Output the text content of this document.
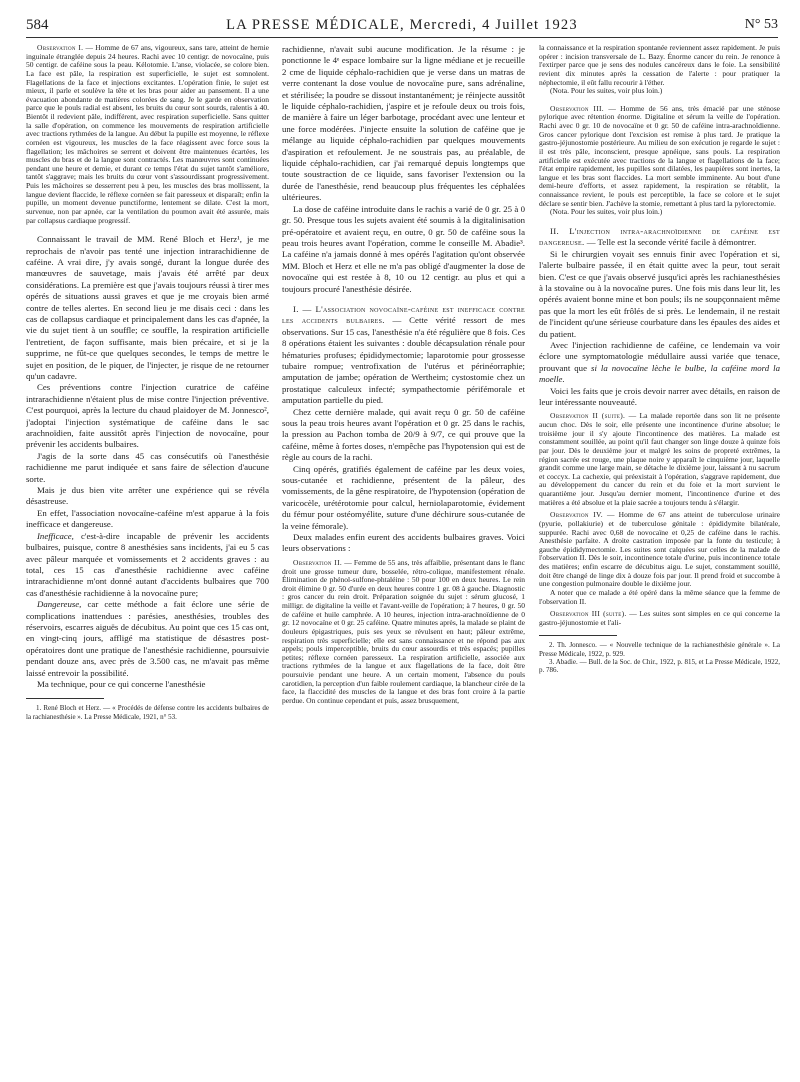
584	LA PRESSE MÉDICALE, Mercredi, 4 Juillet 1923	N° 53

Observation I. — Homme de 67 ans, vigoureux, sans tare, atteint de hernie inguinale étranglée depuis 24 heures. Rachi avec 10 centigr. de novocaïne, puis 50 centigr. de caféine sous la peau. Kélotomie. L'anse, violacée, se colore bien. La face est pâle, la respiration est superficielle, le sujet est somnolent. Flagellations de la face et injections excitantes. L'opération finie, le sujet est mieux, il parle et soulève la tête et les bras pour aider au pansement. Il a une évacuation abondante de matières colorées de sang. Je le garde en observation parce que le pouls radial est absent, les bruits du cœur sont sourds, ralentis à 40. Bientôt il redevient pâle, indifférent, avec respiration superficielle. Sans quitter la salle d'opération, on commence les mouvements de respiration artificielle avec tractions rythmées de la langue. Au début la pupille est moyenne, le réflexe cornéen est vigoureux, les muscles de la face réagissent avec force sous la flagellation; les mâchoires se serrent et doivent être maintenues écartées, les muscles du bras et de la langue sont contractés. Les manœuvres sont continuées pendant une heure et demie, et durant ce temps l'état du sujet tantôt s'améliore, tantôt s'aggrave; mais les bruits du cœur vont s'assourdissant progressivement. Puis les mâchoires se desserrent peu à peu, les muscles des bras mollissent, la langue devient flaccide, le réflexe cornéen se fait paresseux et disparaît; enfin la pupille, un moment devenue punctiforme, lentement se dilate. C'est la mort, survenue, non par apnée, car la ventilation du poumon avait été assurée, mais par collapsus cardiaque progressif.

Connaissant le travail de MM. René Bloch et Herz¹, je me reprochais de n'avoir pas tenté une injection intrarachidienne de caféine. A vrai dire, j'y avais songé, durant la longue durée des manœuvres de sauvetage, mais j'avais été arrêté par deux considérations. La première est que j'avais toujours réussi à tirer mes opérés de situations aussi graves et que je me croyais bien armé contre de telles alertes. En second lieu je me disais ceci : dans les cas de collapsus cardiaque et principalement dans les cas d'apnée, la vie du sujet tient à un souffle; ce souffle, la respiration artificielle l'entretient, de façon suffisante, mais bien précaire, et si je la supprime, ne fût-ce que quelques secondes, le temps de mettre le sujet en position, de le piquer, de l'injecter, je risque de ne retourner qu'un cadavre.

Ces préventions contre l'injection curatrice de caféine intrarachidienne n'étaient plus de mise contre l'injection préventive. C'est pourquoi, après la lecture du chaud plaidoyer de M. Jonnesco², j'adoptai l'injection systématique de caféine dans le sac arachnoïdien, faite aussitôt après l'injection de novocaïne, pour prévenir les accidents bulbaires.

J'agis de la sorte dans 45 cas consécutifs où l'anesthésie rachidienne me parut indiquée et sans faire de sélection d'aucune sorte.

Mais je dus bien vite arrêter une expérience qui se révéla désastreuse.

En effet, l'association novocaïne-caféine m'est apparue à la fois inefficace et dangereuse.

Inefficace, c'est-à-dire incapable de prévenir les accidents bulbaires, puisque, contre 8 anesthésies sans incidents, j'ai eu 5 cas avec pâleur marquée et vomissements et 2 accidents graves : au total, ces 15 cas d'anesthésie rachidienne avec caféine intrarachidienne m'ont donné autant d'accidents bulbaires que 700 cas d'anesthésie rachidienne à la novocaïne pure;

Dangereuse, car cette méthode a fait éclore une série de complications inattendues : parésies, anesthésies, troubles des réservoirs, escarres aiguës de décubitus. Au point que ces 15 cas ont, en vingt-cinq jours, affligé ma statistique de désastres post-opératoires dont une pratique de l'anesthésie rachidienne, poursuivie pendant douze ans, avec près de 3.500 cas, ne m'avait pas même laissé entrevoir la possibilité.

Ma technique, pour ce qui concerne l'anesthésie

1. René Bloch et Herz. — « Procédés de défense contre les accidents bulbaires de la rachianesthésie ». La Presse Médicale, 1921, n° 53.

rachidienne, n'avait subi aucune modification. Je la résume : je ponctionne le 4ᵉ espace lombaire sur la ligne médiane et je recueille 2 cme de liquide céphalo-rachidien que je verse dans un matras de verre contenant la dose voulue de novocaïne pure, sans adrénaline, et stérilisée; la poudre se dissout instantanément; je réinjecte aussitôt le liquide céphalo-rachidien, j'aspire et je refoule deux ou trois fois, de manière à faire un léger barbotage, procédant avec une lenteur et une force modérées. J'injecte ensuite la solution de caféine que je mélange au liquide céphalo-rachidien par quelques mouvements d'aspiration et refoulement. Je ne soustrais pas, au préalable, de liquide céphalo-rachidien, car j'ai remarqué depuis longtemps que toute soustraction de ce liquide, sans favoriser l'extension ou la durée de l'anesthésie, rend beaucoup plus fréquentes les céphalées ultérieures.

La dose de caféine introduite dans le rachis a varié de 0 gr. 25 à 0 gr. 50. Presque tous les sujets avaient été soumis à la digitalinisation pré-opératoire et avaient reçu, en outre, 0 gr. 50 de caféine sous la peau trois heures avant l'opération, comme le conseille M. Abadie³. La caféine n'a jamais donné à mes opérés l'agitation qu'ont observée MM. Bloch et Herz et elle ne m'a pas obligé d'augmenter la dose de novocaïne qui est restée à 8, 10 ou 12 centigr. au plus et qui a toujours procuré l'anesthésie désirée.

I. — L'association novocaïne-caféine est inefficace contre les accidents bulbaires. — Cette vérité ressort de mes observations. Sur 15 cas, l'anesthésie n'a été régulière que 8 fois. Ces 8 opérations étaient les suivantes : double décapsulation rénale pour hématuries profuses; épididymectomie; laparotomie pour grossesse tubaire rompue; ventrofixation de l'utérus et périnéorraphie; amputation de jambe; opération de Wertheim; cystostomie chez un prostatique calculeux infecté; sympathectomie périfémorale et amputation partielle du pied.

Chez cette dernière malade, qui avait reçu 0 gr. 50 de caféine sous la peau trois heures avant l'opération et 0 gr. 25 dans le rachis, la pression au Pachon tomba de 20/9 à 9/7, ce qui prouve que la caféine, même à fortes doses, n'empêche pas l'hypotension qui est de règle au cours de la rachi.

Cinq opérés, gratifiés également de caféine par les deux voies, sous-cutanée et rachidienne, présentent de la pâleur, des vomissements, de la gêne respiratoire, de l'hypotension (opération de varicocèle, urétérotomie pour calcul, herniolaparotomie, évidement du fémur pour ostéomyélite, suture d'une déchirure sous-cutanée de la veine fémorale).

Deux malades enfin eurent des accidents bulbaires graves. Voici leurs observations :

Observation II. — Femme de 55 ans, très affaiblie, présentant dans le flanc droit une grosse tumeur dure, bosselée, rétro-colique, manifestement rénale. Élimination de phénol-sulfone-phtaléine : 50 pour 100 en deux heures. Le rein droit élimine 0 gr. 50 d'urée en deux heures contre 1 gr. 08 à gauche. Diagnostic : gros cancer du rein droit. Préparation soignée du sujet : sérum glucosé, 1 milligr. de digitaline la veille et l'avant-veille de l'opération; à 7 heures, 0 gr. 50 de caféine et huile camphrée. A 10 heures, injection intra-arachnoïdienne de 0 gr. 12 novocaïne et 0 gr. 25 caféine. Quatre minutes après, la malade se plaint de douleurs épigastriques, puis ses yeux se révulsent en haut; pâleur extrême, respiration très superficielle; elle est sans connaissance et ne répond pas aux appels; pouls imperceptible, bruits du cœur assourdis et très espacés; pupilles petites; réflexe cornéen paresseux. La respiration artificielle, associée aux tractions rythmées de la langue et aux flagellations de la face, doit être poursuivie pendant une heure. A un certain moment, l'absence du pouls carotidien, la perception d'un faible roulement cardiaque, la blancheur cirée de la face, la flaccidité des muscles de la langue et des bras font croire à la partie perdue. On continue cependant et puis, assez brusquement,

la connaissance et la respiration spontanée reviennent assez rapidement. Je puis opérer : incision transversale de L. Bazy. Énorme cancer du rein. Je renonce à l'extirper parce que je sens des nodules cancéreux dans le foie. La sensibilité revient dix minutes après la cessation de l'alerte : pour pratiquer la néphectomie, il eût fallu recourir à l'éther.

(Nota. Pour les suites, voir plus loin.)

Observation III. — Homme de 56 ans, très émacié par une sténose pylorique avec rétention énorme. Digitaline et sérum la veille de l'opération. Rachi avec 0 gr. 10 de novocaïne et 0 gr. 50 de caféine intra-arachnoïdienne. Gros cancer pylorique dont l'excision est remise à plus tard. Je pratique la gastro-jéjunostomie postérieure. Au milieu de son exécution je regarde le sujet : il est très pâle, inconscient, presque apnéique, sans pouls. La respiration artificielle est exécutée avec tractions de la langue et flagellations de la face; l'état empire rapidement, les pupilles sont dilatées, les paupières sont inertes, la langue et les bras sont flaccides. La mort semble imminente. Au bout d'une demi-heure d'efforts, et assez rapidement, la respiration se rétablit, la connaissance revient, le pouls est perceptible, la face se colore et le sujet déclare se sentir bien. J'achève la stomie, remettant à plus tard la pylorectomie.

(Nota. Pour les suites, voir plus loin.)

II. L'injection intra-arachnoïdienne de caféine est dangereuse. — Telle est la seconde vérité facile à démontrer.

Si le chirurgien voyait ses ennuis finir avec l'opération et si, l'alerte bulbaire passée, il en était quitte avec la peur, tout serait bien. C'est ce que j'avais observé jusqu'ici après les rachianesthésies à la stovaïne ou à la novocaïne pures. Une fois mis dans leur lit, les opérés avaient bonne mine et bon pouls; ils ne soupçonnaient même pas que la mort les eût frôlés de si près. Le lendemain, il ne restait de l'incident qu'une sérieuse courbature dans les épaules des aides et du patient.

Avec l'injection rachidienne de caféine, ce lendemain va voir éclore une symptomatologie médullaire aussi variée que tenace, prouvant que si la novocaïne lèche le bulbe, la caféine mord la moelle.

Voici les faits que je crois devoir narrer avec détails, en raison de leur intéressante nouveauté.

Observation II (suite). — La malade reportée dans son lit ne présente aucun choc. Dès le soir, elle présente une incontinence d'urine absolue; le troisième jour il s'y ajoute l'incontinence des matières. La malade est constamment souillée, au point qu'il faut changer son linge douze à quinze fois par jour. Dès le deuxième jour et malgré les soins de propreté extrêmes, la région sacrée est rouge, une plaque noire y apparaît le cinquième jour, laquelle grandit comme une large main, se détache le dixième jour, laissant à nu sacrum et coccyx. La cachexie, qui préexistait à l'opération, s'aggrave rapidement, due au développement du cancer du rein et du foie et la mort survient le quarantième jour. Jusqu'au dernier moment, l'incontinence d'urine et des matières a été absolue et la plaie sacrée a toujours tendu à s'élargir.

Observation IV. — Homme de 67 ans atteint de tuberculose urinaire (pyurie, pollakiurie) et de tuberculose génitale : épididymite bilatérale, suppurée. Rachi avec 0,68 de novocaïne et 0,25 de caféine dans le rachis. Anesthésie parfaite. A droite castration imposée par la fonte du testicule; à gauche épididymectomie. Les suites sont calquées sur celles de la malade de l'observation II. Dès le soir, incontinence totale d'urine, puis incontinence totale des matières; enfin escarre de décubitus aigu. Le sujet, constamment souillé, doit être changé de linge dix à douze fois par jour. Il prend froid et succombe à une congestion pulmonaire double le dixième jour.

A noter que ce malade a été opéré dans la même séance que la femme de l'observation II.

Observation III (suite). — Les suites sont simples en ce qui concerne la gastro-jéjunostomie et l'ali-

2. Th. Jonnesco. — « Nouvelle technique de la rachianesthésie générale ». La Presse Médicale, 1922, p. 929.

3. Abadie. — Bull. de la Soc. de Chir., 1922, p. 815, et La Presse Médicale, 1922, p. 786.
